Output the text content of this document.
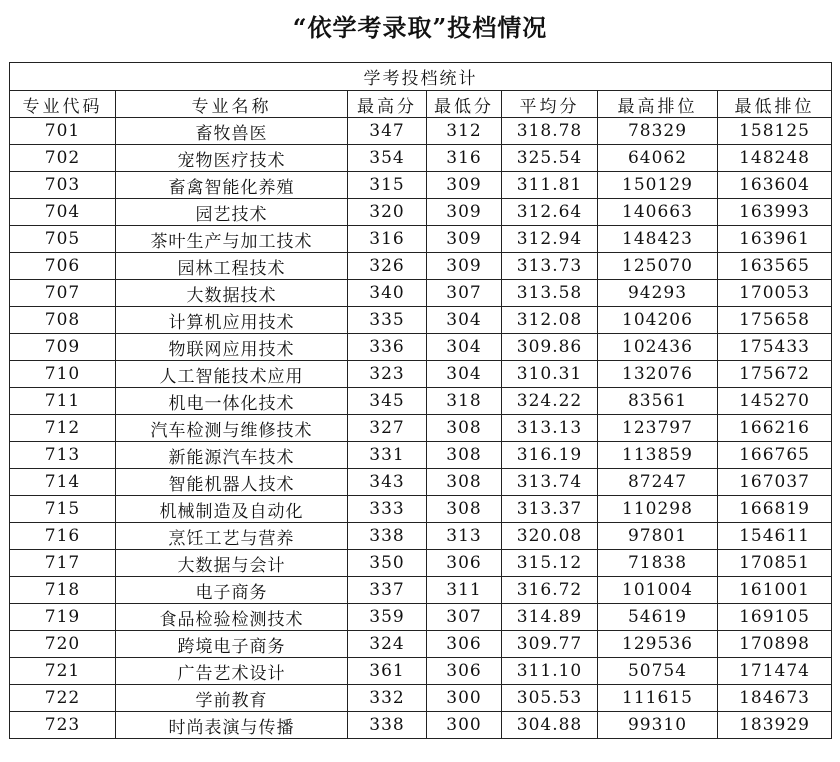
“依学考录取”投档情况
学考投档统计						
专业代码	专业名称	最高分	最低分	平均分	最高排位	最低排位
701	畜牧兽医	347	312	318.78	78329	158125
702	宠物医疗技术	354	316	325.54	64062	148248
703	畜禽智能化养殖	315	309	311.81	150129	163604
704	园艺技术	320	309	312.64	140663	163993
705	茶叶生产与加工技术	316	309	312.94	148423	163961
706	园林工程技术	326	309	313.73	125070	163565
707	大数据技术	340	307	313.58	94293	170053
708	计算机应用技术	335	304	312.08	104206	175658
709	物联网应用技术	336	304	309.86	102436	175433
710	人工智能技术应用	323	304	310.31	132076	175672
711	机电一体化技术	345	318	324.22	83561	145270
712	汽车检测与维修技术	327	308	313.13	123797	166216
713	新能源汽车技术	331	308	316.19	113859	166765
714	智能机器人技术	343	308	313.74	87247	167037
715	机械制造及自动化	333	308	313.37	110298	166819
716	烹饪工艺与营养	338	313	320.08	97801	154611
717	大数据与会计	350	306	315.12	71838	170851
718	电子商务	337	311	316.72	101004	161001
719	食品检验检测技术	359	307	314.89	54619	169105
720	跨境电子商务	324	306	309.77	129536	170898
721	广告艺术设计	361	306	311.10	50754	171474
722	学前教育	332	300	305.53	111615	184673
723	时尚表演与传播	338	300	304.88	99310	183929
